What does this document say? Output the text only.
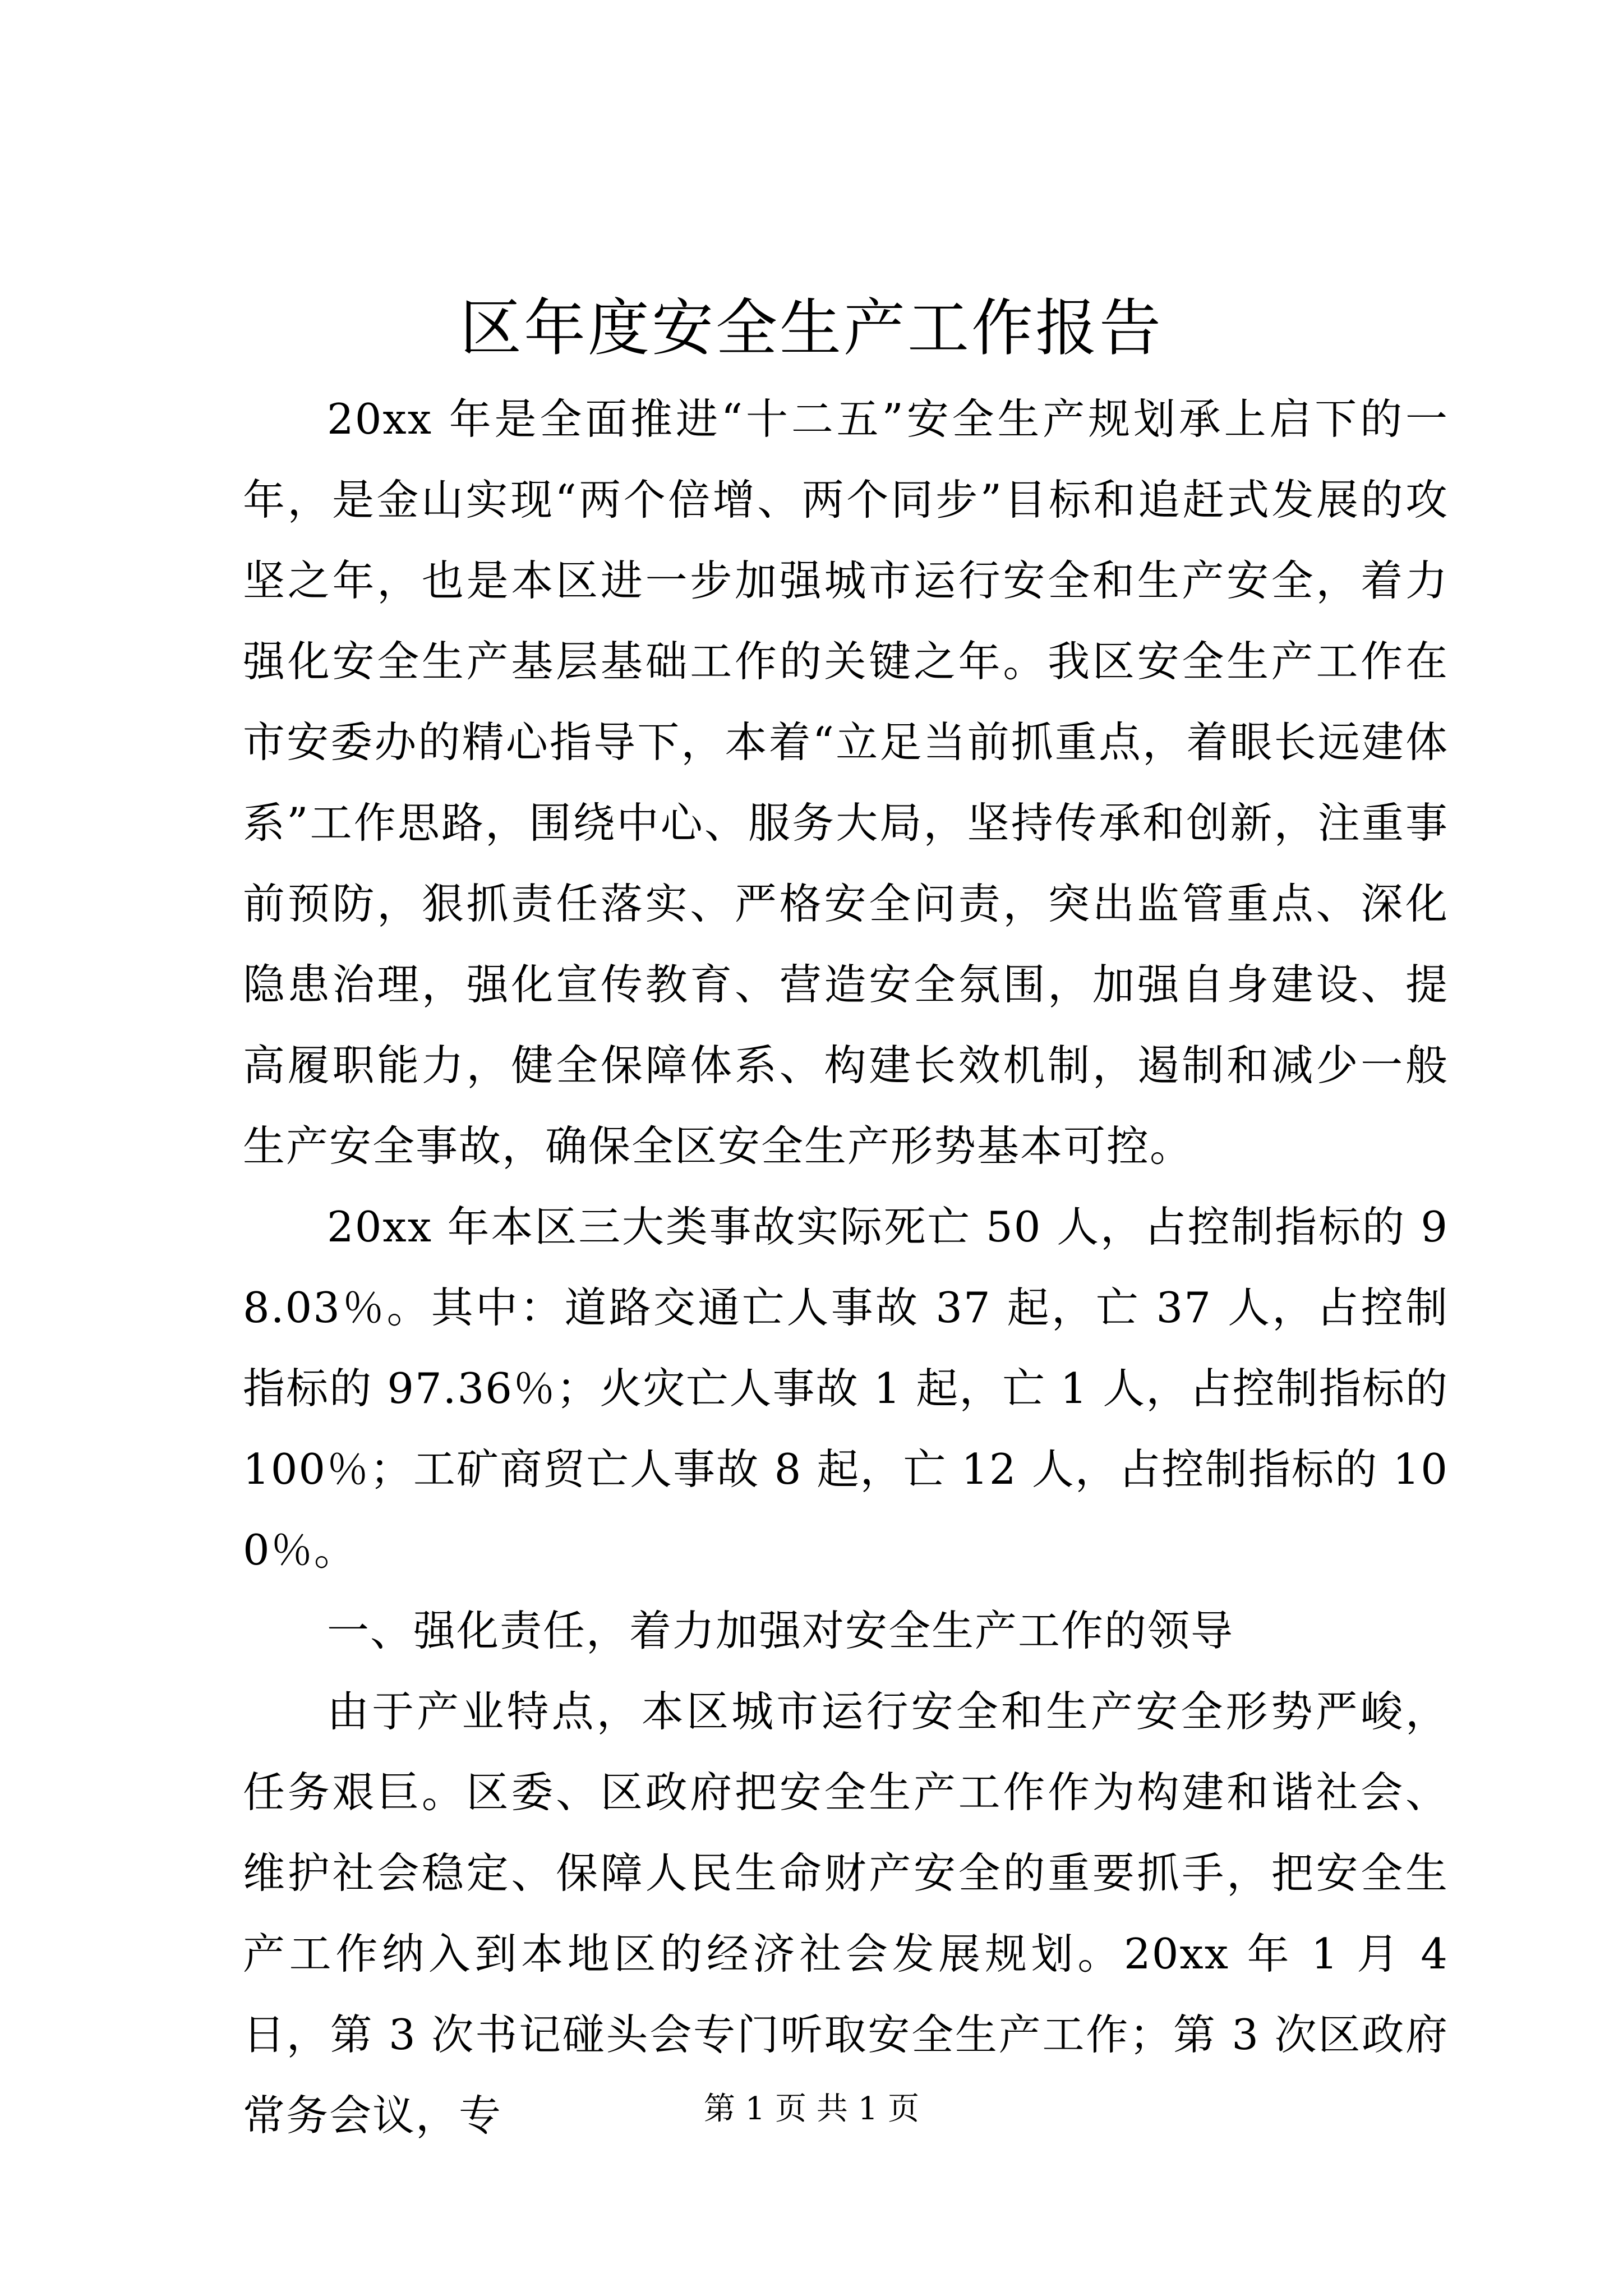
区年度安全生产工作报告

20xx 年是全面推进“十二五”安全生产规划承上启下的一年，是金山实现“两个倍增、两个同步”目标和追赶式发展的攻坚之年，也是本区进一步加强城市运行安全和生产安全，着力强化安全生产基层基础工作的关键之年。我区安全生产工作在市安委办的精心指导下，本着“立足当前抓重点，着眼长远建体系”工作思路，围绕中心、服务大局，坚持传承和创新，注重事前预防，狠抓责任落实、严格安全问责，突出监管重点、深化隐患治理，强化宣传教育、营造安全氛围，加强自身建设、提高履职能力，健全保障体系、构建长效机制，遏制和减少一般生产安全事故，确保全区安全生产形势基本可控。

20xx 年本区三大类事故实际死亡 50 人，占控制指标的 98.03％。其中：道路交通亡人事故 37 起，亡 37 人，占控制指标的 97.36％；火灾亡人事故 1 起，亡 1 人，占控制指标的 100％；工矿商贸亡人事故 8 起，亡 12 人，占控制指标的 100％。

一、强化责任，着力加强对安全生产工作的领导

由于产业特点，本区城市运行安全和生产安全形势严峻，任务艰巨。区委、区政府把安全生产工作作为构建和谐社会、维护社会稳定、保障人民生命财产安全的重要抓手，把安全生产工作纳入到本地区的经济社会发展规划。20xx 年 1 月 4 日，第 3 次书记碰头会专门听取安全生产工作；第 3 次区政府常务会议，专	第 1 页 共 1 页
